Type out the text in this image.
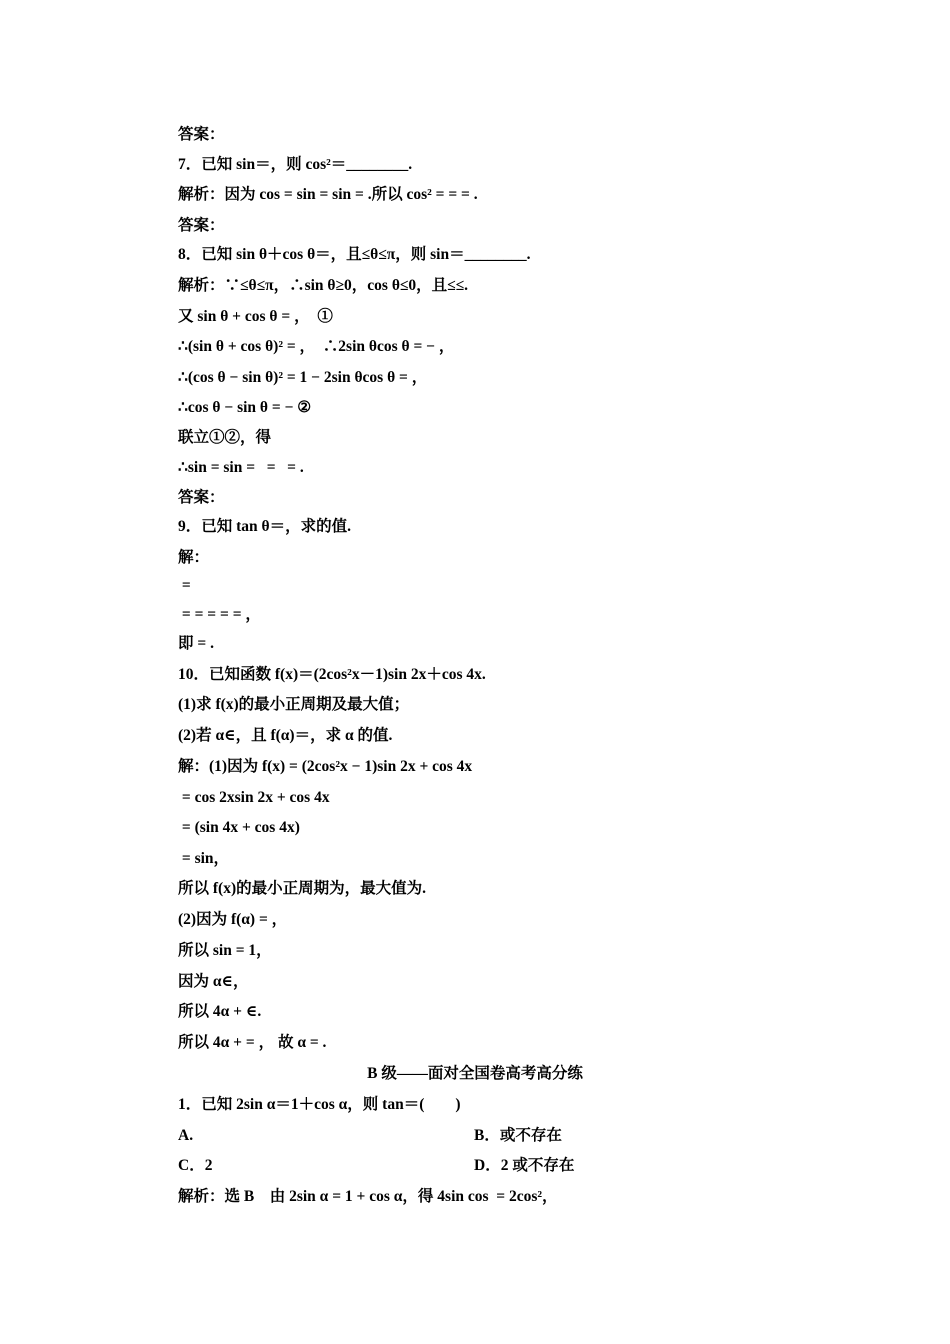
答案：
7．已知 sin＝，则 cos²＝________.
解析：因为 cos = sin = sin = .所以 cos² = = = .
答案：
8．已知 sin θ＋cos θ＝，且≤θ≤π，则 sin＝________.
解析：∵≤θ≤π，∴sin θ≥0，cos θ≤0，且≤≤.
又 sin θ + cos θ = ，  ①
∴(sin θ + cos θ)² = ，  ∴2sin θcos θ = − ，
∴(cos θ − sin θ)² = 1 − 2sin θcos θ = ，
∴cos θ − sin θ = − ②
联立①②，得
∴sin = sin =   =   = .
答案：
9．已知 tan θ＝，求的值.
解：
=
= = = = = ，
即 = .
10．已知函数 f(x)＝(2cos²x－1)sin 2x＋cos 4x.
(1)求 f(x)的最小正周期及最大值；
(2)若 α∈，且 f(α)＝，求 α 的值.
解：(1)因为 f(x) = (2cos²x − 1)sin 2x + cos 4x
= cos 2xsin 2x + cos 4x
= (sin 4x + cos 4x)
= sin，
所以 f(x)的最小正周期为，最大值为.
(2)因为 f(α) = ，
所以 sin = 1，
因为 α∈，
所以 4α + ∈.
所以 4α + = ， 故 α = .
B 级——面对全国卷高考高分练
1．已知 2sin α＝1＋cos α，则 tan＝(　　)
A.	B．或不存在
C．2	D．2 或不存在
解析：选 B　由 2sin α = 1 + cos α，得 4sin cos  = 2cos²，
